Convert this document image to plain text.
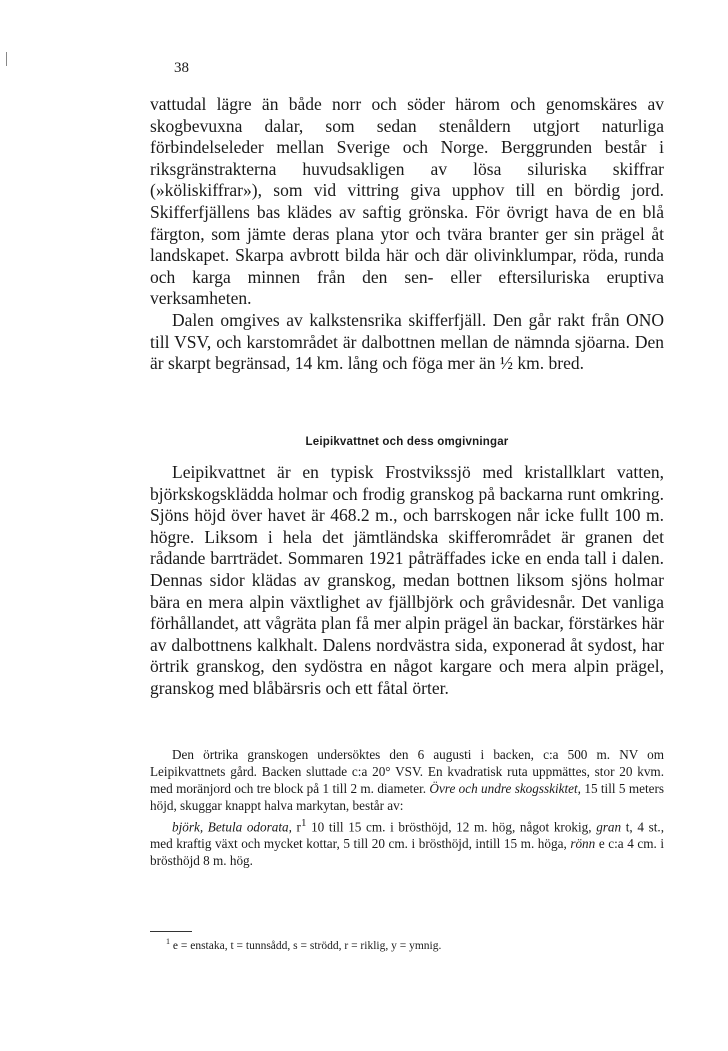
38

vattudal lägre än både norr och söder härom och genomskäres av skogbevuxna dalar, som sedan stenåldern utgjort naturliga förbindelseleder mellan Sverige och Norge. Berggrunden består i riksgränstrakterna huvudsakligen av lösa siluriska skiffrar (»köliskiffrar»), som vid vittring giva upphov till en bördig jord. Skifferfjällens bas klädes av saftig grönska. För övrigt hava de en blå färgton, som jämte deras plana ytor och tvära branter ger sin prägel åt landskapet. Skarpa avbrott bilda här och där olivinklumpar, röda, runda och karga minnen från den sen- eller eftersiluriska eruptiva verksamheten.

Dalen omgives av kalkstensrika skifferfjäll. Den går rakt från ONO till VSV, och karstområdet är dalbottnen mellan de nämnda sjöarna. Den är skarpt begränsad, 14 km. lång och föga mer än ½ km. bred.

Leipikvattnet och dess omgivningar

Leipikvattnet är en typisk Frostvikssjö med kristallklart vatten, björkskogsklädda holmar och frodig granskog på backarna runt omkring. Sjöns höjd över havet är 468.2 m., och barrskogen når icke fullt 100 m. högre. Liksom i hela det jämtländska skifferområdet är granen det rådande barrträdet. Sommaren 1921 påträffades icke en enda tall i dalen. Dennas sidor klädas av granskog, medan bottnen liksom sjöns holmar bära en mera alpin växtlighet av fjällbjörk och gråvidesnår. Det vanliga förhållandet, att vågräta plan få mer alpin prägel än backar, förstärkes här av dalbottnens kalkhalt. Dalens nordvästra sida, exponerad åt sydost, har örtrik granskog, den sydöstra en något kargare och mera alpin prägel, granskog med blåbärsris och ett fåtal örter.

Den örtrika granskogen undersöktes den 6 augusti i backen, c:a 500 m. NV om Leipikvattnets gård. Backen sluttade c:a 20° VSV. En kvadratisk ruta uppmättes, stor 20 kvm. med moränjord och tre block på 1 till 2 m. diameter. Övre och undre skogsskiktet, 15 till 5 meters höjd, skuggar knappt halva markytan, består av:

björk, Betula odorata, $r^1$ 10 till 15 cm. i brösthöjd, 12 m. hög, något krokig, gran t, 4 st., med kraftig växt och mycket kottar, 5 till 20 cm. i brösthöjd, intill 15 m. höga, rönn e c:a 4 cm. i brösthöjd 8 m. hög.

$^1$ e = enstaka, t = tunnsådd, s = strödd, r = riklig, y = ymnig.
